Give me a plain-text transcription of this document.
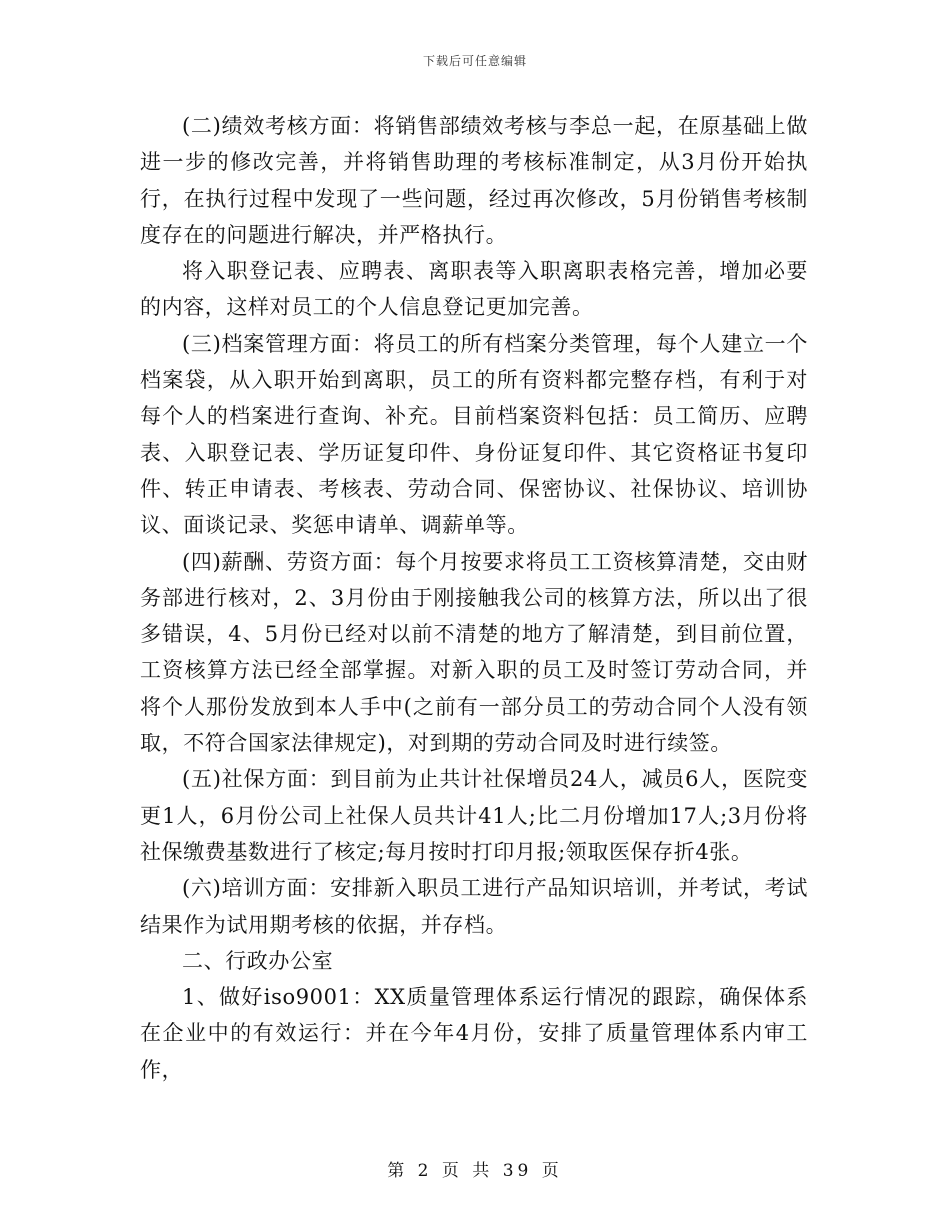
下载后可任意编辑

(二)绩效考核方面：将销售部绩效考核与李总一起，在原基础上做进一步的修改完善，并将销售助理的考核标准制定，从3月份开始执行，在执行过程中发现了一些问题，经过再次修改，5月份销售考核制度存在的问题进行解决，并严格执行。

将入职登记表、应聘表、离职表等入职离职表格完善，增加必要的内容，这样对员工的个人信息登记更加完善。

(三)档案管理方面：将员工的所有档案分类管理，每个人建立一个档案袋，从入职开始到离职，员工的所有资料都完整存档，有利于对每个人的档案进行查询、补充。目前档案资料包括：员工简历、应聘表、入职登记表、学历证复印件、身份证复印件、其它资格证书复印件、转正申请表、考核表、劳动合同、保密协议、社保协议、培训协议、面谈记录、奖惩申请单、调薪单等。

(四)薪酬、劳资方面：每个月按要求将员工工资核算清楚，交由财务部进行核对，2、3月份由于刚接触我公司的核算方法，所以出了很多错误，4、5月份已经对以前不清楚的地方了解清楚，到目前位置，工资核算方法已经全部掌握。对新入职的员工及时签订劳动合同，并将个人那份发放到本人手中(之前有一部分员工的劳动合同个人没有领取，不符合国家法律规定)，对到期的劳动合同及时进行续签。

(五)社保方面：到目前为止共计社保增员24人，减员6人，医院变更1人，6月份公司上社保人员共计41人;比二月份增加17人;3月份将社保缴费基数进行了核定;每月按时打印月报;领取医保存折4张。

(六)培训方面：安排新入职员工进行产品知识培训，并考试，考试结果作为试用期考核的依据，并存档。

二、行政办公室

1、做好iso9001：XX质量管理体系运行情况的跟踪，确保体系在企业中的有效运行：并在今年4月份，安排了质量管理体系内审工作，

第 2 页 共 39 页
